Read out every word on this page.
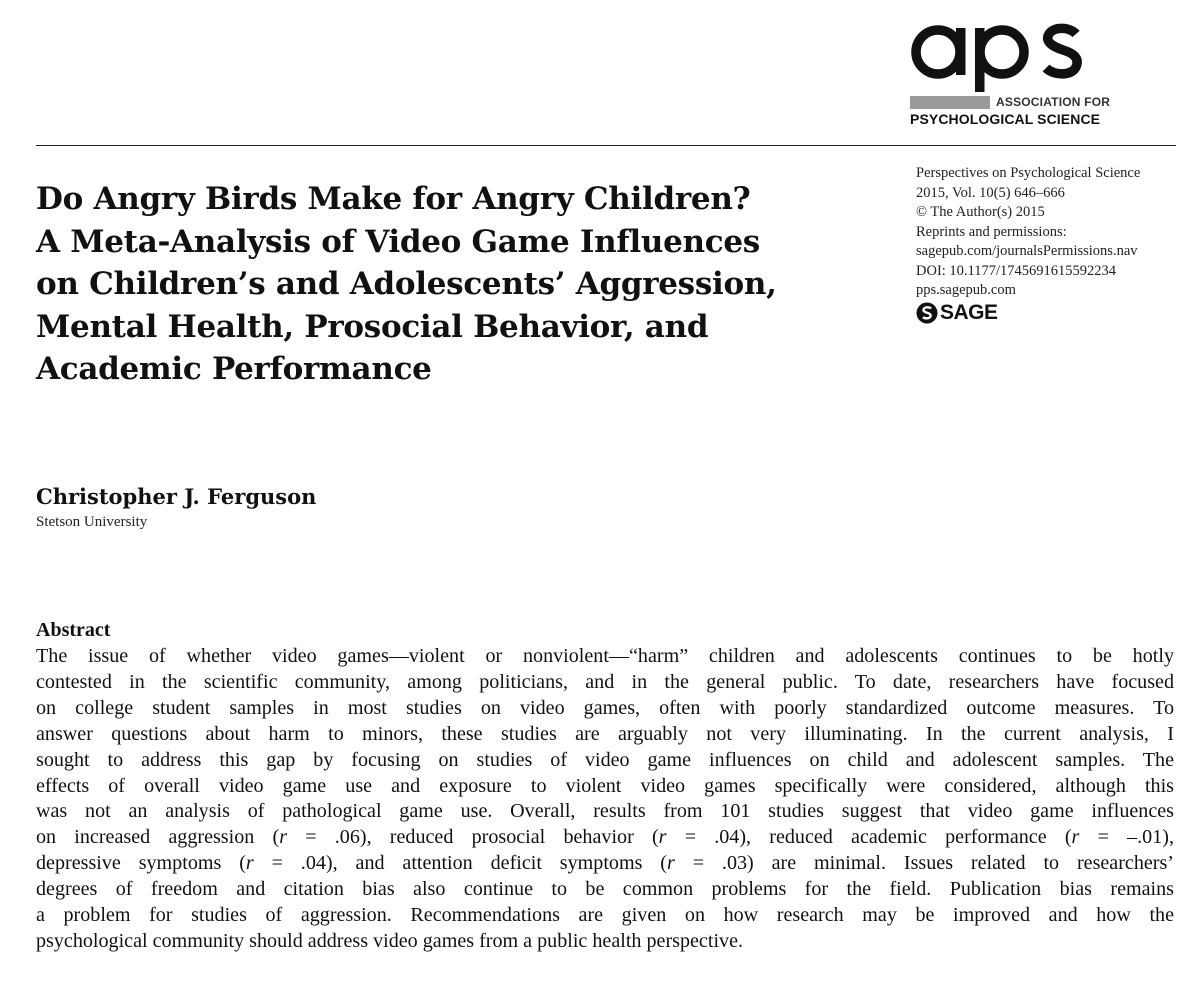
ASSOCIATION FOR
PSYCHOLOGICAL SCIENCE
Do Angry Birds Make for Angry Children?
A Meta-Analysis of Video Game Influences
on Children’s and Adolescents’ Aggression,
Mental Health, Prosocial Behavior, and
Academic Performance
Perspectives on Psychological Science
2015, Vol. 10(5) 646–666
© The Author(s) 2015
Reprints and permissions:
sagepub.com/journalsPermissions.nav
DOI: 10.1177/1745691615592234
pps.sagepub.com
SAGE
Christopher J. Ferguson
Stetson University
Abstract
The issue of whether video games—violent or nonviolent—“harm” children and adolescents continues to be hotly
contested in the scientific community, among politicians, and in the general public. To date, researchers have focused
on college student samples in most studies on video games, often with poorly standardized outcome measures. To
answer questions about harm to minors, these studies are arguably not very illuminating. In the current analysis, I
sought to address this gap by focusing on studies of video game influences on child and adolescent samples. The
effects of overall video game use and exposure to violent video games specifically were considered, although this
was not an analysis of pathological game use. Overall, results from 101 studies suggest that video game influences
on increased aggression (r = .06), reduced prosocial behavior (r = .04), reduced academic performance (r = –.01),
depressive symptoms (r = .04), and attention deficit symptoms (r = .03) are minimal. Issues related to researchers’
degrees of freedom and citation bias also continue to be common problems for the field. Publication bias remains
a problem for studies of aggression. Recommendations are given on how research may be improved and how the
psychological community should address video games from a public health perspective.
